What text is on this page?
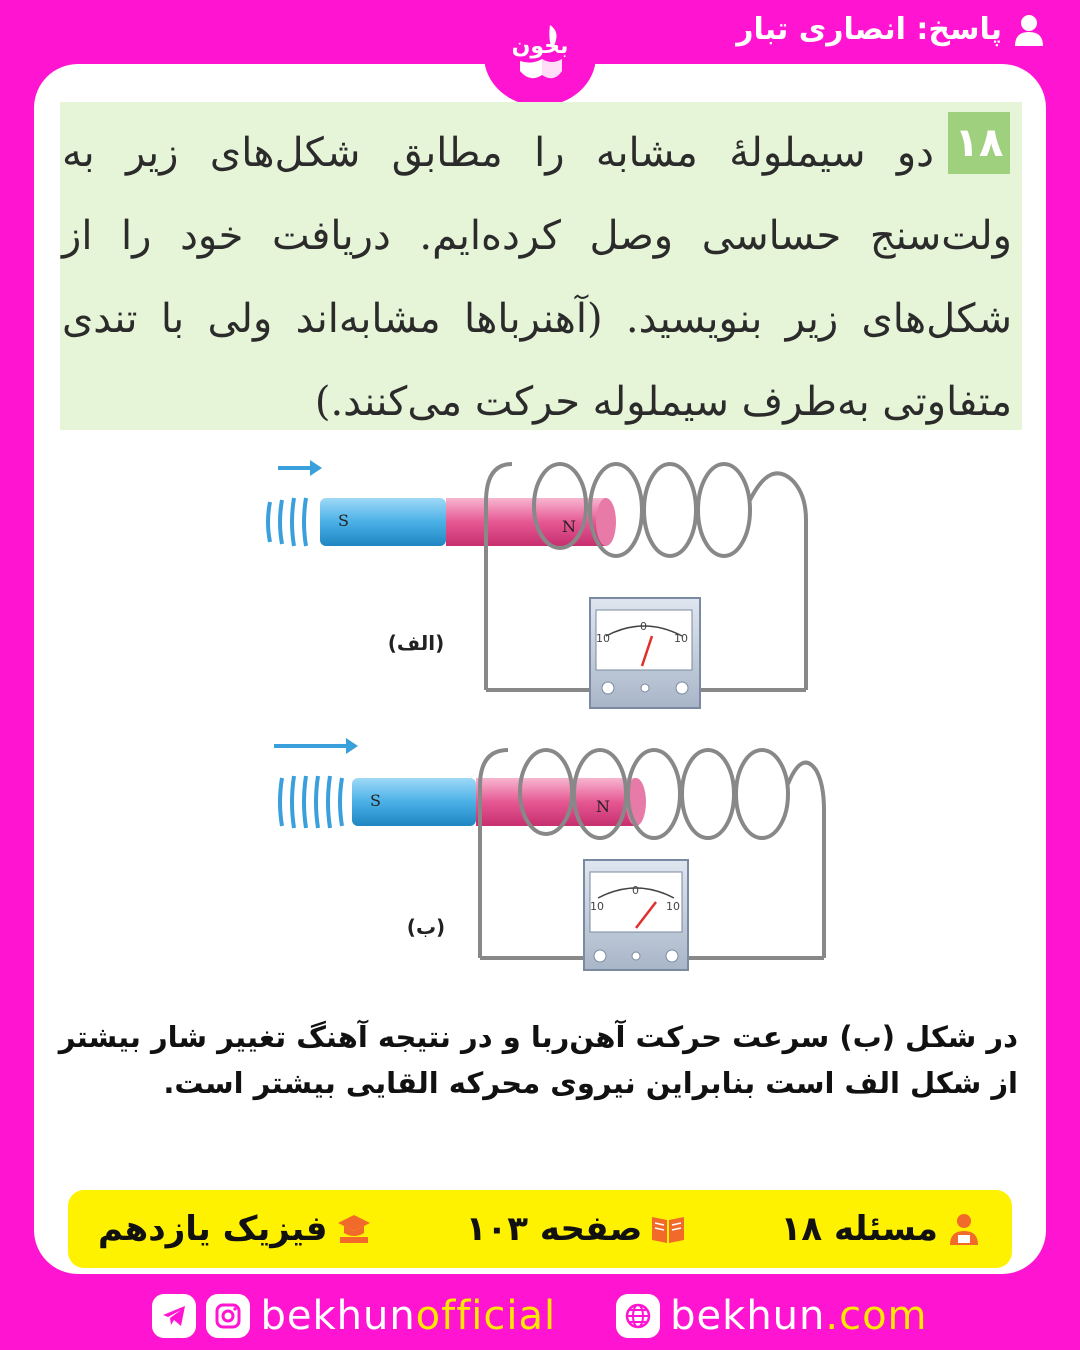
پاسخ: انصاری تبار
بخون
۱۸
دو سیملولهٔ مشابه را مطابق شکل‌های زیر به ولت‌سنج حساسی وصل کرده‌ایم. دریافت خود را از شکل‌های زیر بنویسید. (آهنرباها مشابه‌اند ولی با تندی متفاوتی به‌طرف سیملوله حرکت می‌کنند.)
S	N
10
0
10
(الف)
S	N
10
0
10
(ب)
در شکل (ب) سرعت حرکت آهن‌ربا و در نتیجه آهنگ تغییر شار بیشتر از شکل الف است بنابراین نیروی محرکه القایی بیشتر است.
مسئله ۱۸
صفحه ۱۰۳
فیزیک یازدهم
bekhunofficial	bekhun.com
